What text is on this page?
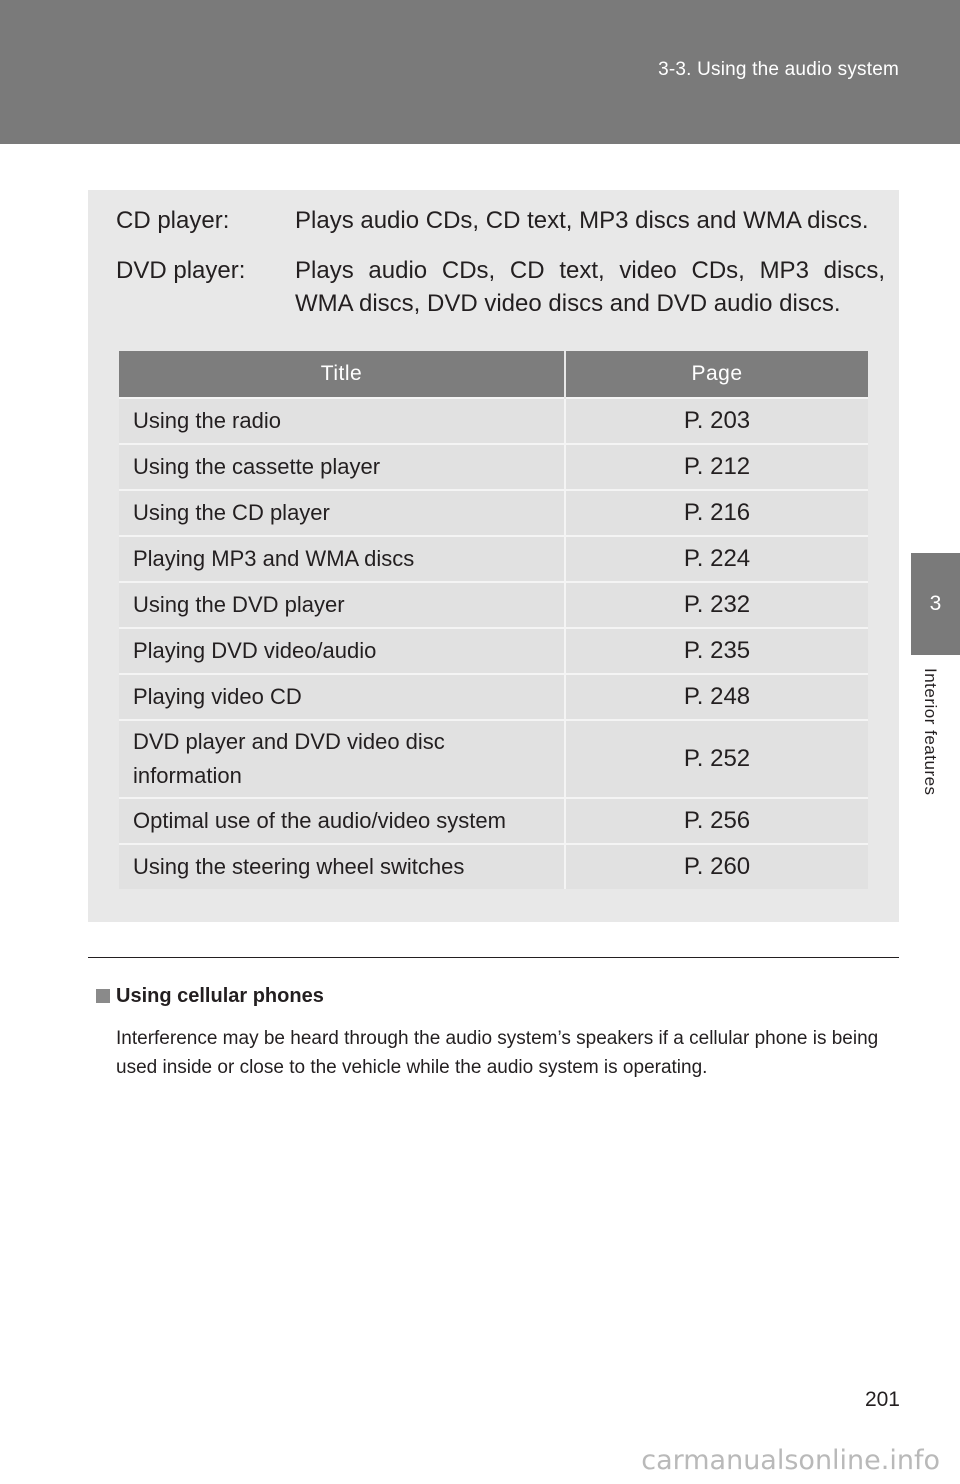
3-3. Using the audio system
3
Interior features
CD player:	Plays audio CDs, CD text, MP3 discs and WMA discs.
DVD player: Plays audio CDs, CD text, video CDs, MP3 discs,
WMA discs, DVD video discs and DVD audio discs.
Title	Page
Using the radio	P. 203
Using the cassette player	P. 212
Using the CD player	P. 216
Playing MP3 and WMA discs	P. 224
Using the DVD player	P. 232
Playing DVD video/audio	P. 235
Playing video CD	P. 248

DVD player and DVD video disc
information	P. 252
Optimal use of the audio/video system	P. 256
Using the steering wheel switches	P. 260
Using cellular phones
Interference may be heard through the audio system’s speakers if a cellular phone is being used inside or close to the vehicle while the audio system is operating.
201
carmanualsonline.info
